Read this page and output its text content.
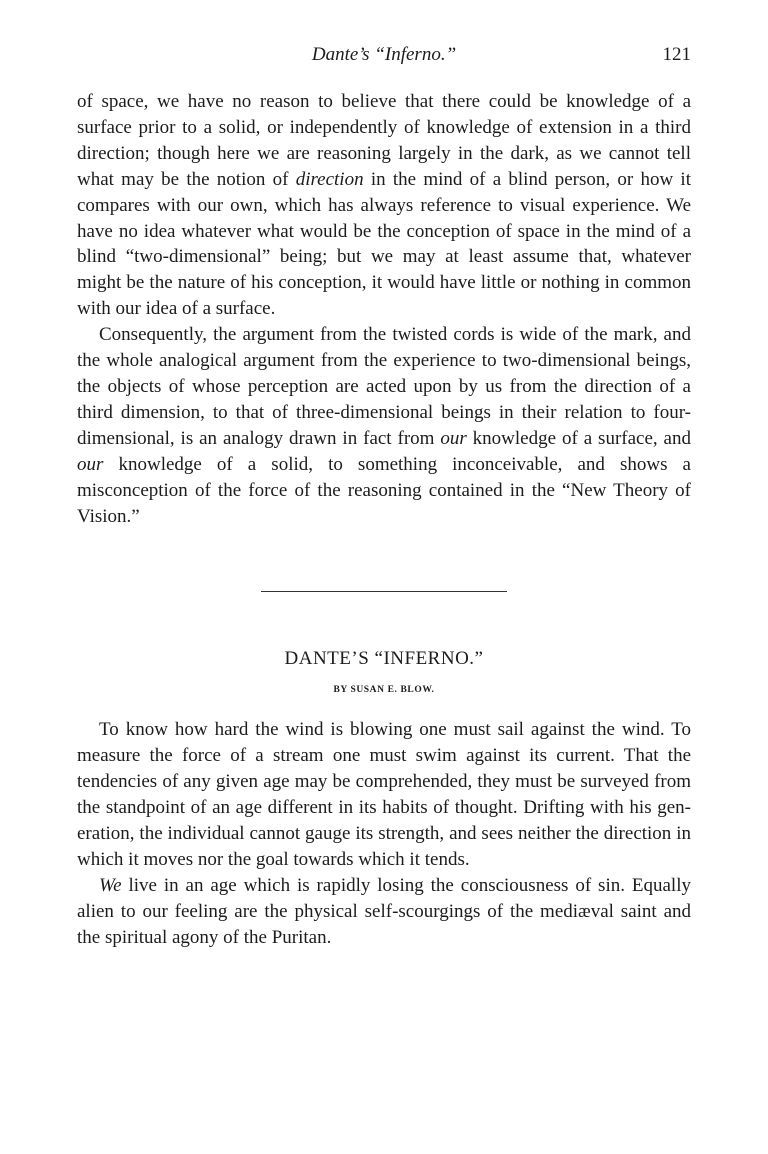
Dante’s “Inferno.”	121

of space, we have no reason to believe that there could be knowledge of a surface prior to a solid, or independently of knowledge of extension in a third direction; though here we are reasoning largely in the dark, as we cannot tell what may be the notion of direction in the mind of a blind person, or how it compares with our own, which has always reference to visual experience. We have no idea whatever what would be the conception of space in the mind of a blind “two-dimensional” being; but we may at least assume that, whatever might be the nature of his conception, it would have little or nothing in common with our idea of a surface.

Consequently, the argument from the twisted cords is wide of the mark, and the whole analogical argument from the experience to two-dimensional beings, the objects of whose perception are acted upon by us from the direction of a third dimension, to that of three-dimensional beings in their relation to four-dimensional, is an analogy drawn in fact from our knowledge of a surface, and our knowledge of a solid, to something inconceivable, and shows a misconception of the force of the reasoning contained in the “New Theory of Vision.”

DANTE’S “INFERNO.”
BY SUSAN E. BLOW.

To know how hard the wind is blowing one must sail against the wind. To measure the force of a stream one must swim against its current. That the tendencies of any given age may be comprehended, they must be surveyed from the standpoint of an age different in its habits of thought. Drifting with his generation, the individual cannot gauge its strength, and sees neither the direction in which it moves nor the goal towards which it tends.

We live in an age which is rapidly losing the consciousness of sin. Equally alien to our feeling are the physical self-scourgings of the mediæval saint and the spiritual agony of the Puritan.
